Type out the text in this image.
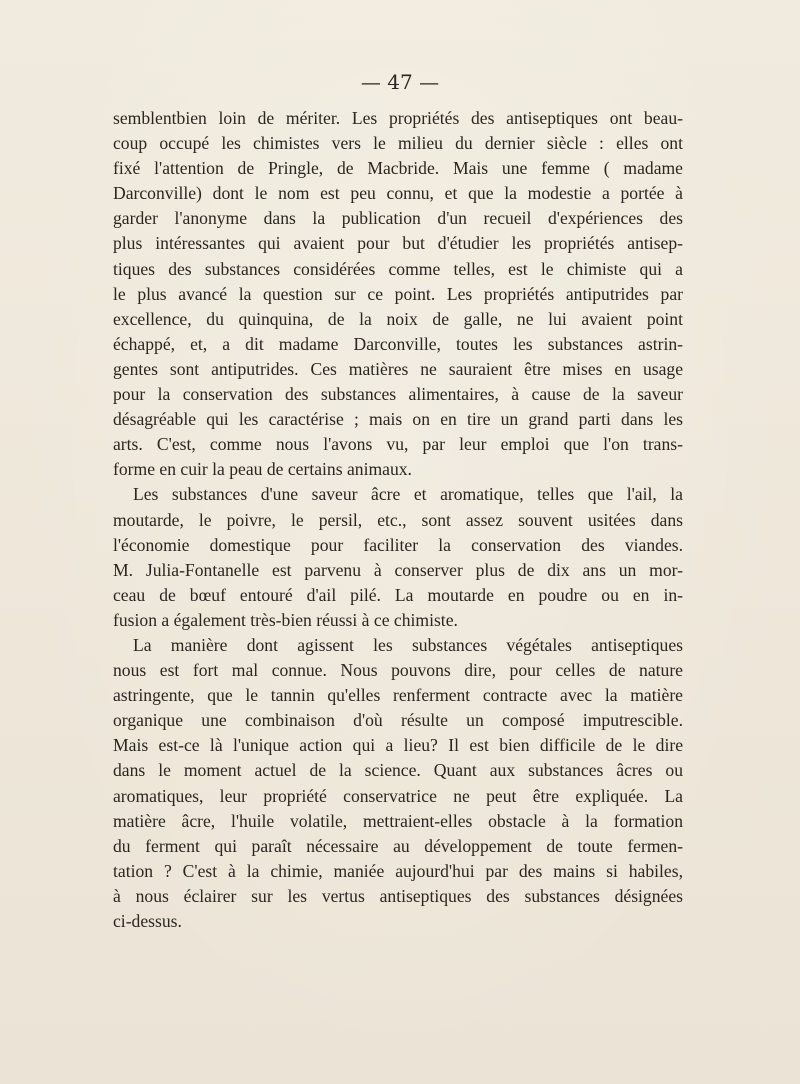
— 47 —
semblentbien loin de mériter. Les propriétés des antiseptiques ont beau-
coup occupé les chimistes vers le milieu du dernier siècle : elles ont
fixé l'attention de Pringle, de Macbride. Mais une femme ( madame
Darconville) dont le nom est peu connu, et que la modestie a portée à
garder l'anonyme dans la publication d'un recueil d'expériences des
plus intéressantes qui avaient pour but d'étudier les propriétés antisep-
tiques des substances considérées comme telles, est le chimiste qui a
le plus avancé la question sur ce point. Les propriétés antiputrides par
excellence, du quinquina, de la noix de galle, ne lui avaient point
échappé, et, a dit madame Darconville, toutes les substances astrin-
gentes sont antiputrides. Ces matières ne sauraient être mises en usage
pour la conservation des substances alimentaires, à cause de la saveur
désagréable qui les caractérise ; mais on en tire un grand parti dans les
arts. C'est, comme nous l'avons vu, par leur emploi que l'on trans-
forme en cuir la peau de certains animaux.
Les substances d'une saveur âcre et aromatique, telles que l'ail, la
moutarde, le poivre, le persil, etc., sont assez souvent usitées dans
l'économie domestique pour faciliter la conservation des viandes.
M. Julia-Fontanelle est parvenu à conserver plus de dix ans un mor-
ceau de bœuf entouré d'ail pilé. La moutarde en poudre ou en in-
fusion a également très-bien réussi à ce chimiste.
La manière dont agissent les substances végétales antiseptiques
nous est fort mal connue. Nous pouvons dire, pour celles de nature
astringente, que le tannin qu'elles renferment contracte avec la matière
organique une combinaison d'où résulte un composé imputrescible.
Mais est-ce là l'unique action qui a lieu? Il est bien difficile de le dire
dans le moment actuel de la science. Quant aux substances âcres ou
aromatiques, leur propriété conservatrice ne peut être expliquée. La
matière âcre, l'huile volatile, mettraient-elles obstacle à la formation
du ferment qui paraît nécessaire au développement de toute fermen-
tation ? C'est à la chimie, maniée aujourd'hui par des mains si habiles,
à nous éclairer sur les vertus antiseptiques des substances désignées
ci-dessus.
